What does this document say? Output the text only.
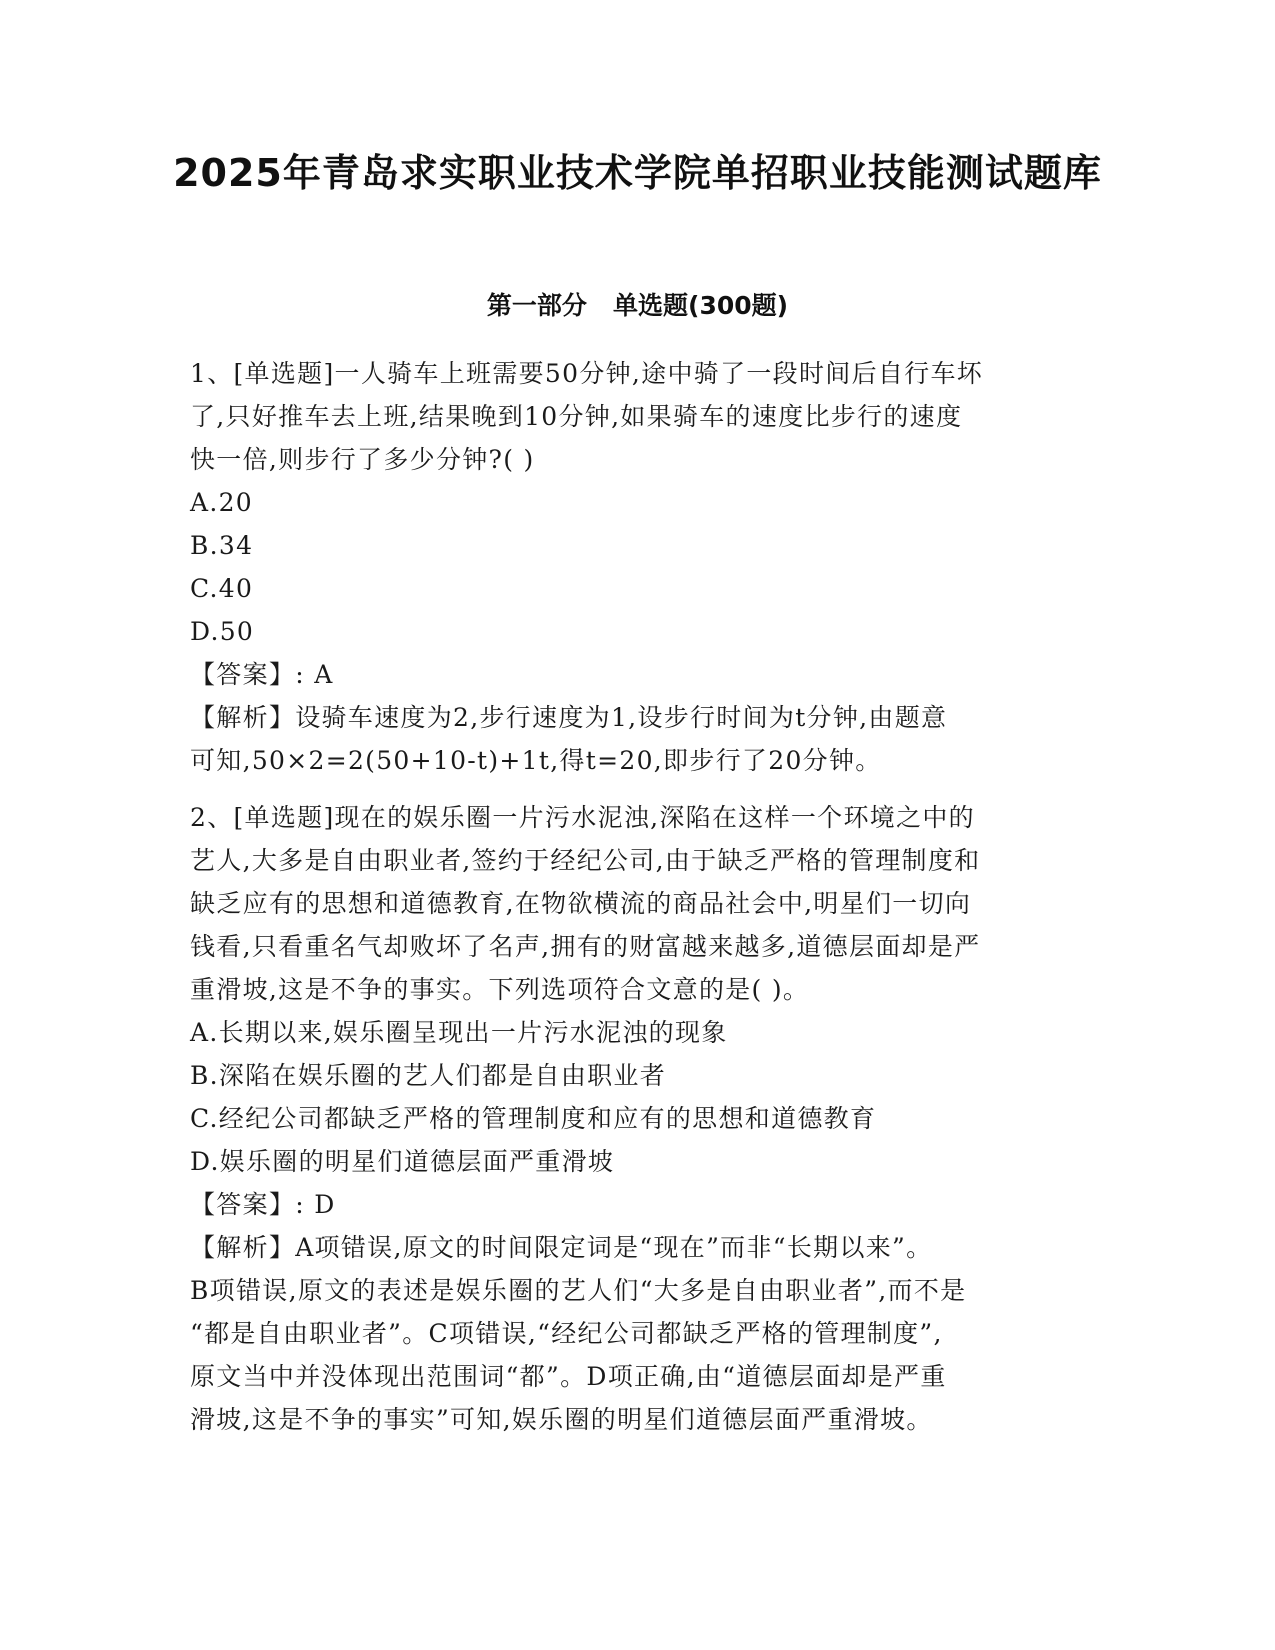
2025年青岛求实职业技术学院单招职业技能测试题库
第一部分   单选题(300题)
1、[单选题]一人骑车上班需要50分钟,途中骑了一段时间后自行车坏
了,只好推车去上班,结果晚到10分钟,如果骑车的速度比步行的速度
快一倍,则步行了多少分钟?( )
A.20
B.34
C.40
D.50
【答案】: A
【解析】设骑车速度为2,步行速度为1,设步行时间为t分钟,由题意
可知,50×2=2(50+10-t)+1t,得t=20,即步行了20分钟。
2、[单选题]现在的娱乐圈一片污水泥浊,深陷在这样一个环境之中的
艺人,大多是自由职业者,签约于经纪公司,由于缺乏严格的管理制度和
缺乏应有的思想和道德教育,在物欲横流的商品社会中,明星们一切向
钱看,只看重名气却败坏了名声,拥有的财富越来越多,道德层面却是严
重滑坡,这是不争的事实。下列选项符合文意的是( )。
A.长期以来,娱乐圈呈现出一片污水泥浊的现象
B.深陷在娱乐圈的艺人们都是自由职业者
C.经纪公司都缺乏严格的管理制度和应有的思想和道德教育
D.娱乐圈的明星们道德层面严重滑坡
【答案】: D
【解析】A项错误,原文的时间限定词是“现在”而非“长期以来”。
B项错误,原文的表述是娱乐圈的艺人们“大多是自由职业者”,而不是
“都是自由职业者”。C项错误,“经纪公司都缺乏严格的管理制度”,
原文当中并没体现出范围词“都”。D项正确,由“道德层面却是严重
滑坡,这是不争的事实”可知,娱乐圈的明星们道德层面严重滑坡。
